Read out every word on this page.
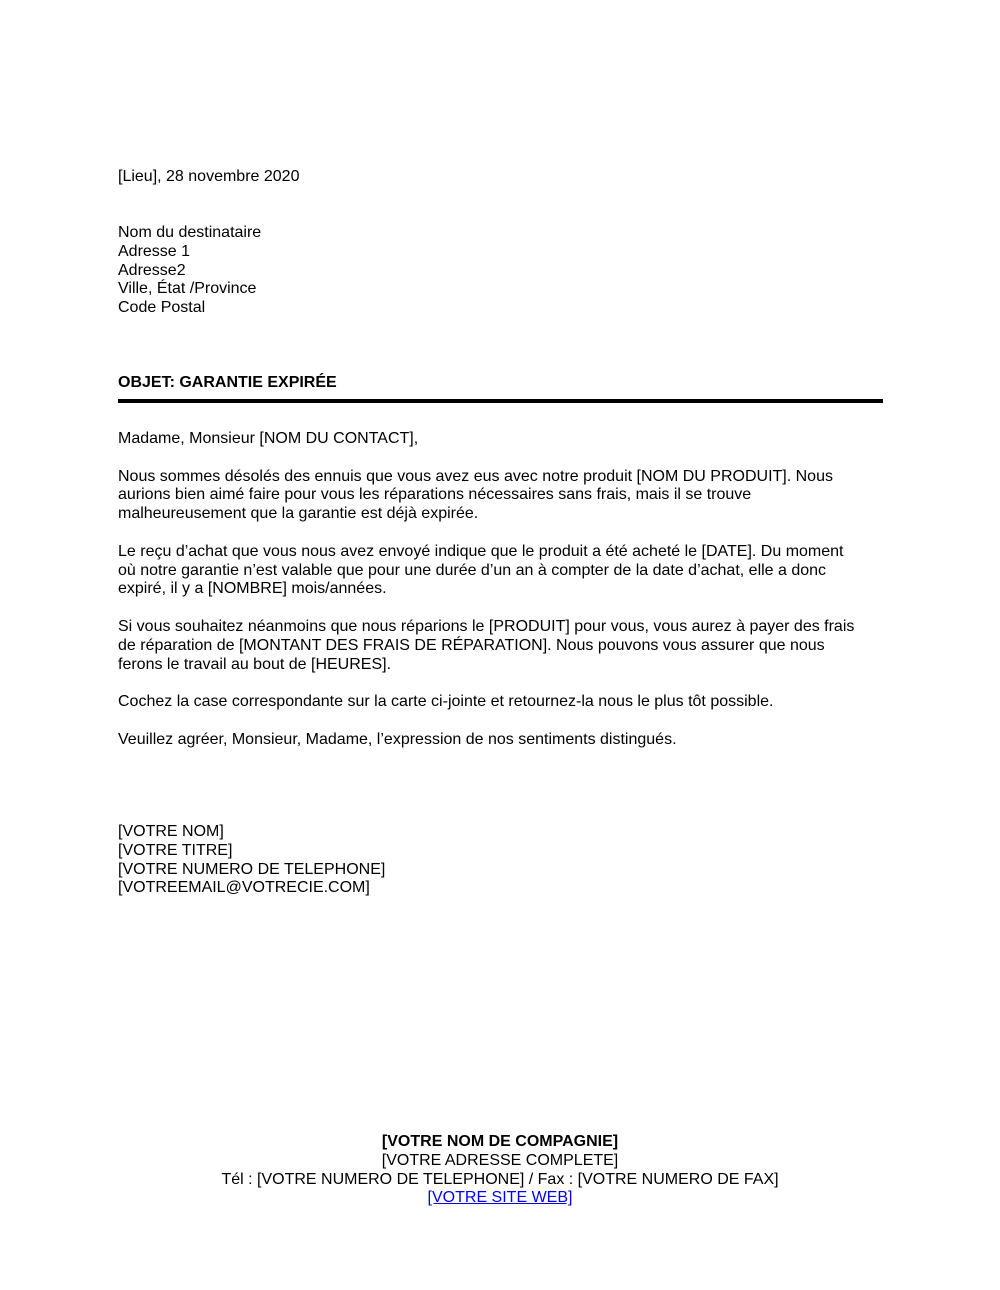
[Lieu], 28 novembre 2020
Nom du destinataire
Adresse 1
Adresse2
Ville, État /Province
Code Postal
OBJET: GARANTIE EXPIRÉE

Madame, Monsieur [NOM DU CONTACT],

Nous sommes désolés des ennuis que vous avez eus avec notre produit [NOM DU PRODUIT]. Nous
aurions bien aimé faire pour vous les réparations nécessaires sans frais, mais il se trouve
malheureusement que la garantie est déjà expirée.

Le reçu d’achat que vous nous avez envoyé indique que le produit a été acheté le [DATE]. Du moment
où notre garantie n’est valable que pour une durée d’un an à compter de la date d’achat, elle a donc
expiré, il y a [NOMBRE] mois/années.

Si vous souhaitez néanmoins que nous réparions le [PRODUIT] pour vous, vous aurez à payer des frais
de réparation de [MONTANT DES FRAIS DE RÉPARATION]. Nous pouvons vous assurer que nous
ferons le travail au bout de [HEURES].

Cochez la case correspondante sur la carte ci-jointe et retournez-la nous le plus tôt possible.

Veuillez agréer, Monsieur, Madame, l’expression de nos sentiments distingués.

[VOTRE NOM]
[VOTRE TITRE]
[VOTRE NUMERO DE TELEPHONE]
[VOTREEMAIL@VOTRECIE.COM]
[VOTRE NOM DE COMPAGNIE]
[VOTRE ADRESSE COMPLETE]
Tél : [VOTRE NUMERO DE TELEPHONE] / Fax : [VOTRE NUMERO DE FAX]
[VOTRE SITE WEB]
